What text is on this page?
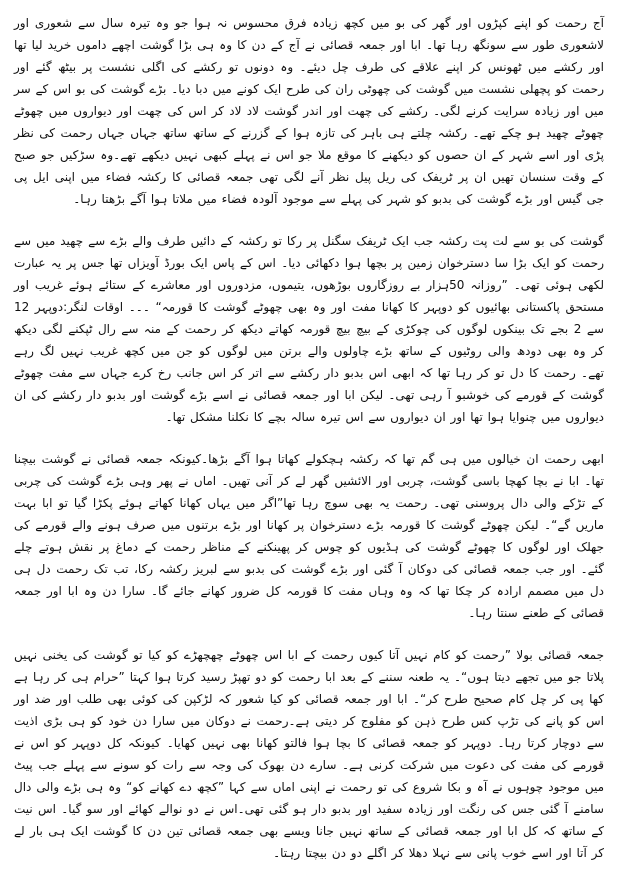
آج رحمت کو اپنے کپڑوں اور گھر کی بو میں کچھ زیادہ فرق محسوس نہ ہوا جو وہ تیرہ سال سے شعوری اور لاشعوری طور سے سونگھ رہا تھا۔ ابا اور جمعہ قصائی نے آج کے دن کا وہ ہی بڑا گوشت اچھے داموں خرید لیا تھا اور رکشے میں ٹھونس کر اپنے علاقے کی طرف چل دیئے۔ وہ دونوں تو رکشے کی اگلی نشست پر بیٹھ گئے اور رحمت کو پچھلی نشست میں گوشت کی چھوٹی ران کی طرح ایک کونے میں دبا دیا۔ بڑے گوشت کی بو اس کے سر میں اور زیادہ سرایت کرنے لگی۔ رکشے کی چھت اور اندر گوشت لاد لاد کر اس کی چھت اور دیواروں میں چھوٹے چھوٹے چھید ہو چکے تھے۔ رکشہ چلتے ہی باہر کی تازہ ہوا کے گزرنے کے ساتھ ساتھ جہاں جہاں رحمت کی نظر پڑی اور اسے شہر کے ان حصوں کو دیکھنے کا موقع ملا جو اس نے پہلے کبھی نہیں دیکھے تھے۔وہ سڑکیں جو صبح کے وقت سنسان تھیں ان پر ٹریفک کی ریل پیل نظر آنے لگی تھی جمعہ قصائی کا رکشہ فضاء میں اپنی ایل پی جی گیس اور بڑے گوشت کی بدبو کو شہر کی پہلے سے موجود آلودہ فضاء میں ملاتا ہوا آگے بڑھتا رہا۔

گوشت کی بو سے لت پت رکشہ جب ایک ٹریفک سگنل پر رکا تو رکشہ کے دائیں طرف والے بڑے سے چھید میں سے رحمت کو ایک بڑا سا دسترخوان زمین پر بچھا ہوا دکھائی دیا۔ اس کے پاس ایک بورڈ آویزاں تھا جس پر یہ عبارت لکھی ہوئی تھی۔ ”روزانہ 50ہزار بے روزگاروں بوڑھوں، یتیموں، مزدوروں اور معاشرے کے ستائے ہوئے غریب اور مستحق پاکستانی بھائیوں کو دوپہر کا کھانا مفت اور وہ بھی چھوٹے گوشت کا قورمہ“ ۔۔۔ اوقات لنگر:دوپہر 12 سے 2 بجے تک بینکوں لوگوں کی چوکڑی کے بیچ بیچ قورمہ کھاتے دیکھ کر رحمت کے منہ سے رال ٹپکنے لگی دیکھ کر وہ بھی دودھ والی روٹیوں کے ساتھ بڑے چاولوں والے برتن میں لوگوں کو جن میں کچھ غریب نہیں لگ رہے تھے۔ رحمت کا دل تو کر رہا تھا کہ ابھی اس بدبو دار رکشے سے اتر کر اس جانب رخ کرے جہاں سے مفت چھوٹے گوشت کے قورمے کی خوشبو آ رہی تھی۔ لیکن ابا اور جمعہ قصائی نے اسے بڑے گوشت اور بدبو دار رکشے کی ان دیواروں میں چنوایا ہوا تھا اور ان دیواروں سے اس تیرہ سالہ بچے کا نکلنا مشکل تھا۔

ابھی رحمت ان خیالوں میں ہی گم تھا کہ رکشہ ہچکولے کھاتا ہوا آگے بڑھا۔کیونکہ جمعہ قصائی نے گوشت بیچنا تھا۔ ابا نے بچا کھچا باسی گوشت، چربی اور الائشیں گھر لے کر آنی تھیں۔ اماں نے پھر وہی بڑے گوشت کی چربی کے تڑکے والی دال پروسنی تھی۔ رحمت یہ بھی سوچ رہا تھا”اگر میں یہاں کھانا کھاتے ہوئے پکڑا گیا تو ابا بہت ماریں گے“۔ لیکن چھوٹے گوشت کا قورمہ بڑے دسترخوان پر کھانا اور بڑے برتنوں میں صرف ہونے والے قورمے کی جھلک اور لوگوں کا چھوٹے گوشت کی ہڈیوں کو چوس کر پھینکنے کے مناظر رحمت کے دماغ پر نقش ہوتے چلے گئے۔ اور جب جمعہ قصائی کی دوکان آ گئی اور بڑے گوشت کی بدبو سے لبریز رکشہ رکا، تب تک رحمت دل ہی دل میں مصمم ارادہ کر چکا تھا کہ وہ وہاں مفت کا قورمہ کل ضرور کھانے جائے گا۔ سارا دن وہ ابا اور جمعہ قصائی کے طعنے سنتا رہا۔

جمعہ قصائی بولا ”رحمت کو کام نہیں آتا کیوں رحمت کے ابا اس چھوٹے چھچھڑے کو کیا تو گوشت کی یخنی نہیں پلاتا جو میں تجھے دیتا ہوں“۔ یہ طعنہ سننے کے بعد ابا رحمت کو دو تھپڑ رسید کرتا ہوا کہتا ”حرام ہی کر رہا ہے کھا پی کر چل کام صحیح طرح کر“۔ ابا اور جمعہ قصائی کو کیا شعور کہ لڑکپن کی کوئی بھی طلب اور ضد اور اس کو پانے کی تڑپ کس طرح ذہن کو مفلوج کر دیتی ہے۔رحمت نے دوکان میں سارا دن خود کو ہی بڑی اذیت سے دوچار کرتا رہا۔ دوپہر کو جمعہ قصائی کا بچا ہوا فالتو کھانا بھی نہیں کھایا۔ کیونکہ کل دوپہر کو اس نے قورمے کی مفت کی دعوت میں شرکت کرنی ہے۔ سارے دن بھوک کی وجہ سے رات کو سونے سے پہلے جب پیٹ میں موجود چوہوں نے آہ و بکا شروع کی تو رحمت نے اپنی اماں سے کہا ”کچھ دے کھانے کو“ وہ ہی بڑے والی دال سامنے آ گئی جس کی رنگت اور زیادہ سفید اور بدبو دار ہو گئی تھی۔اس نے دو نوالے کھائے اور سو گیا۔ اس نیت کے ساتھ کہ کل ابا اور جمعہ قصائی کے ساتھ نہیں جانا ویسے بھی جمعہ قصائی تین دن کا گوشت ایک ہی بار لے کر آتا اور اسے خوب پانی سے نہلا دھلا کر اگلے دو دن بیچتا رہتا۔
